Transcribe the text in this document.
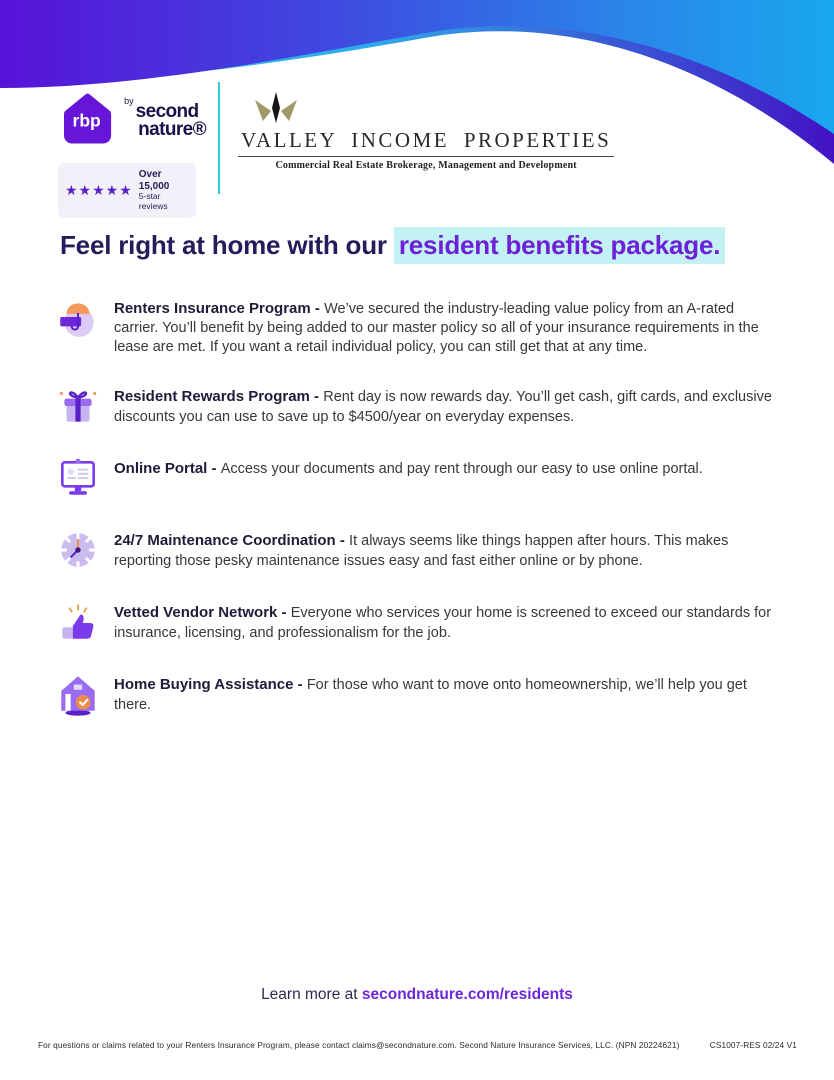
rbp
$^{by}$ second
nature®
★★★★★
Over 15,000
5-star reviews
VALLEY INCOME PROPERTIES
Commercial Real Estate Brokerage, Management and Development
Feel right at home with our resident benefits package.

Renters Insurance Program - We’ve secured the industry-leading value policy from an A-rated carrier. You’ll benefit by being added to our master policy so all of your insurance requirements in the lease are met. If you want a retail individual policy, you can still get that at any time.

Resident Rewards Program - Rent day is now rewards day. You’ll get cash, gift cards, and exclusive discounts you can use to save up to $4500/year on everyday expenses.

Online Portal - Access your documents and pay rent through our easy to use online portal.

24/7 Maintenance Coordination - It always seems like things happen after hours. This makes reporting those pesky maintenance issues easy and fast either online or by phone.

Vetted Vendor Network - Everyone who services your home is screened to exceed our standards for insurance, licensing, and professionalism for the job.

Home Buying Assistance - For those who want to move onto homeownership, we’ll help you get there.

Learn more at secondnature.com/residents
For questions or claims related to your Renters Insurance Program, please contact claims@secondnature.com. Second Nature Insurance Services, LLC. (NPN 20224621)	CS1007-RES 02/24 V1
